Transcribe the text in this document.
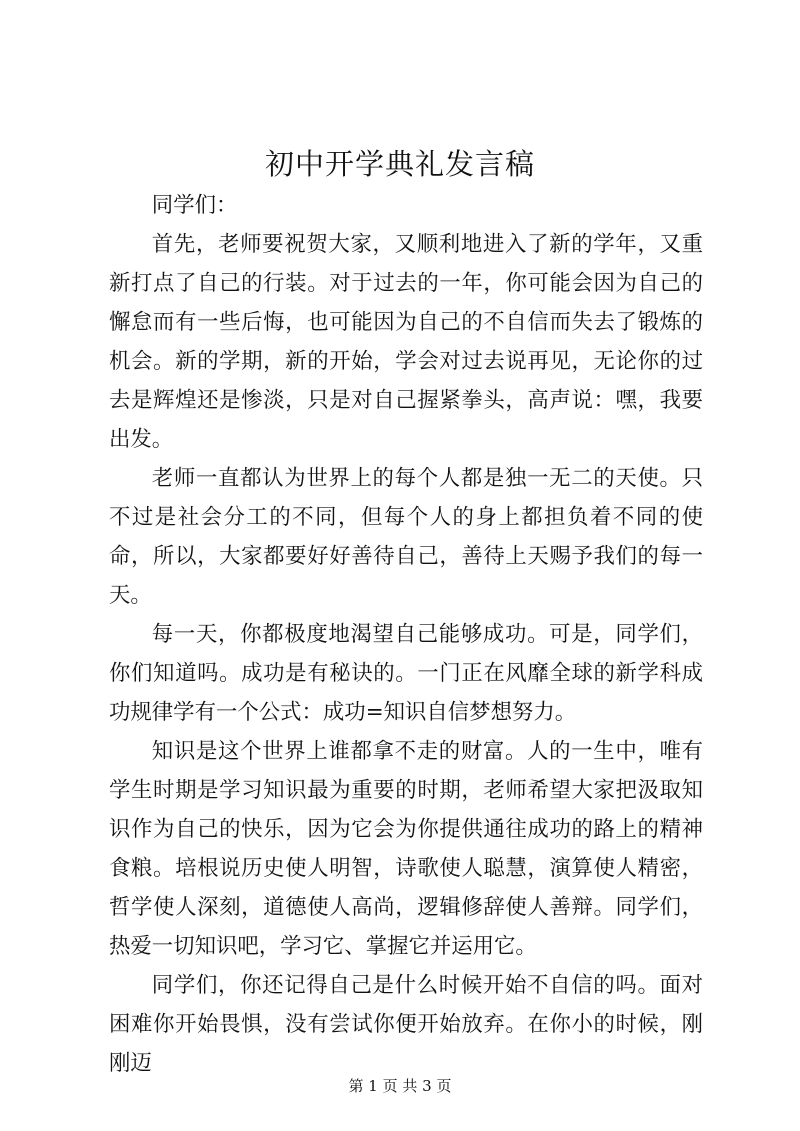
初中开学典礼发言稿

同学们：

首先，老师要祝贺大家，又顺利地进入了新的学年，又重新打点了自己的行装。对于过去的一年，你可能会因为自己的懈怠而有一些后悔，也可能因为自己的不自信而失去了锻炼的机会。新的学期，新的开始，学会对过去说再见，无论你的过去是辉煌还是惨淡，只是对自己握紧拳头，高声说：嘿，我要出发。

老师一直都认为世界上的每个人都是独一无二的天使。只不过是社会分工的不同，但每个人的身上都担负着不同的使命，所以，大家都要好好善待自己，善待上天赐予我们的每一天。

每一天，你都极度地渴望自己能够成功。可是，同学们，你们知道吗。成功是有秘诀的。一门正在风靡全球的新学科成功规律学有一个公式：成功=知识自信梦想努力。

知识是这个世界上谁都拿不走的财富。人的一生中，唯有学生时期是学习知识最为重要的时期，老师希望大家把汲取知识作为自己的快乐，因为它会为你提供通往成功的路上的精神食粮。培根说历史使人明智，诗歌使人聪慧，演算使人精密，哲学使人深刻，道德使人高尚，逻辑修辞使人善辩。同学们，热爱一切知识吧，学习它、掌握它并运用它。

同学们，你还记得自己是什么时候开始不自信的吗。面对困难你开始畏惧，没有尝试你便开始放弃。在你小的时候，刚刚迈

第 1 页 共 3 页
